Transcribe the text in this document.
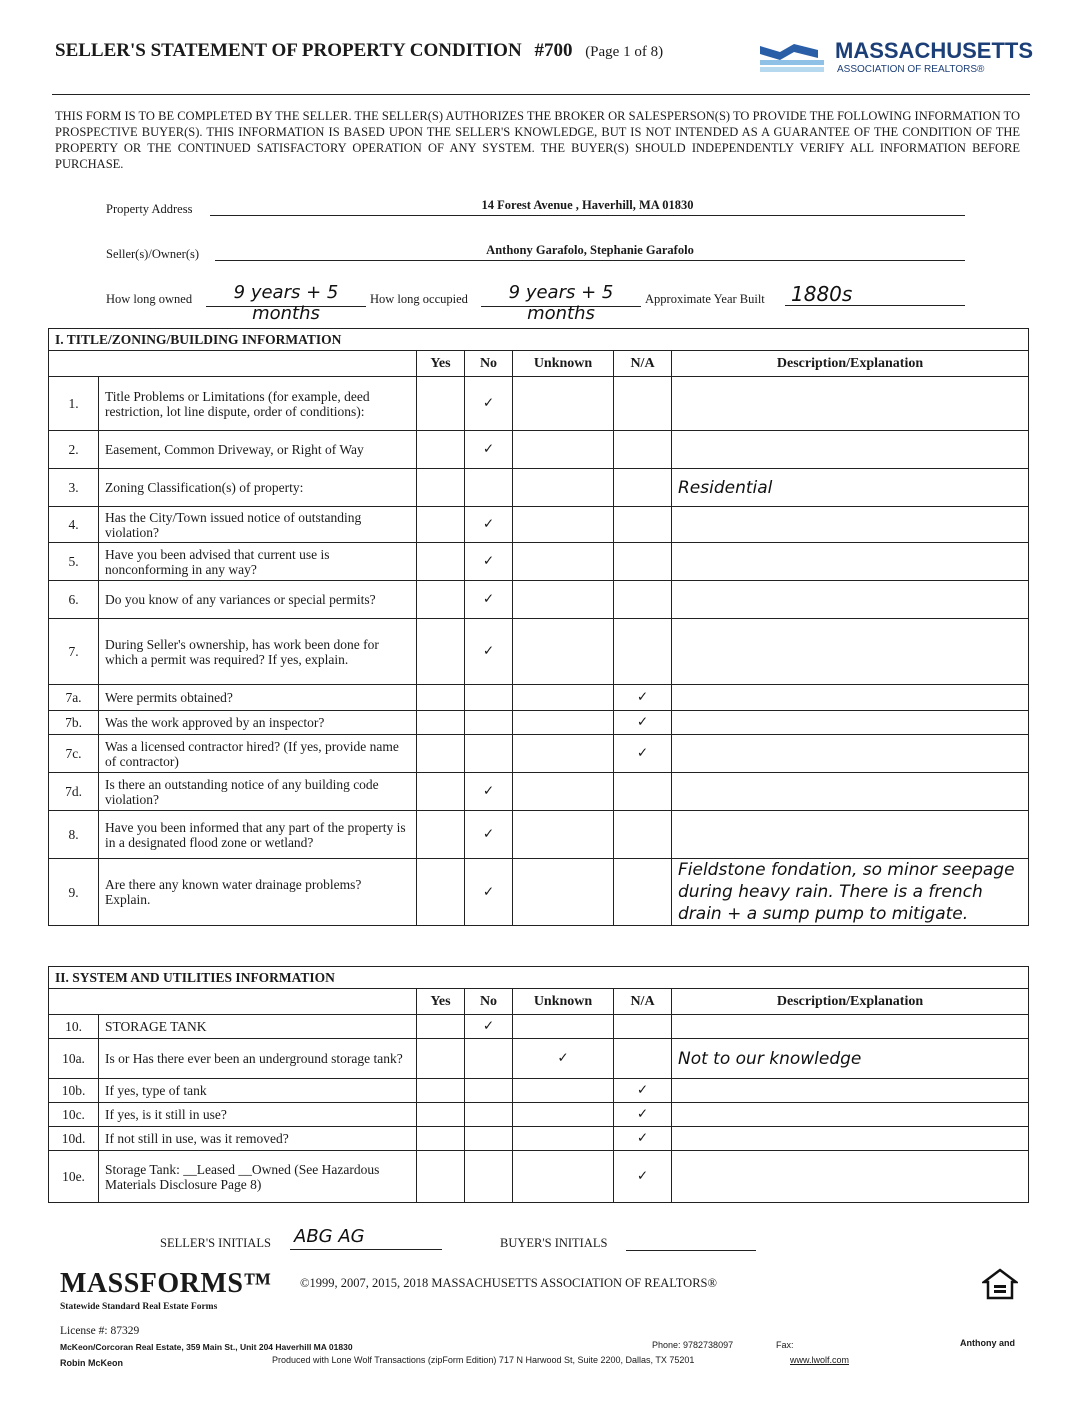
SELLER'S STATEMENT OF PROPERTY CONDITION #700 (Page 1 of 8)	MASSACHUSETTS
ASSOCIATION OF REALTORS®
THIS FORM IS TO BE COMPLETED BY THE SELLER. THE SELLER(S) AUTHORIZES THE BROKER OR SALESPERSON(S) TO PROVIDE THE FOLLOWING INFORMATION TO PROSPECTIVE BUYER(S). THIS INFORMATION IS BASED UPON THE SELLER'S KNOWLEDGE, BUT IS NOT INTENDED AS A GUARANTEE OF THE CONDITION OF THE PROPERTY OR THE CONTINUED SATISFACTORY OPERATION OF ANY SYSTEM. THE BUYER(S) SHOULD INDEPENDENTLY VERIFY ALL INFORMATION BEFORE PURCHASE.
Property Address	14 Forest Avenue , Haverhill, MA 01830
Seller(s)/Owner(s)	Anthony Garafolo, Stephanie Garafolo
How long owned	9 years + 5 months
How long occupied	9 years + 5 months
Approximate Year Built	1880s
I. TITLE/ZONING/BUILDING INFORMATION						
		Yes	No	Unknown	N/A	Description/Explanation
1.	Title Problems or Limitations (for example, deed restriction, lot line dispute, order of conditions):		✓			
2.	Easement, Common Driveway, or Right of Way		✓			
3.	Zoning Classification(s) of property:					Residential
4.	Has the City/Town issued notice of outstanding violation?		✓			
5.	Have you been advised that current use is nonconforming in any way?		✓			
6.	Do you know of any variances or special permits?		✓			
7.	During Seller's ownership, has work been done for which a permit was required? If yes, explain.		✓			
7a.	Were permits obtained?				✓	
7b.	Was the work approved by an inspector?				✓	
7c.	Was a licensed contractor hired? (If yes, provide name of contractor)				✓	
7d.	Is there an outstanding notice of any building code violation?		✓			
8.	Have you been informed that any part of the property is in a designated flood zone or wetland?		✓			
9.	Are there any known water drainage problems? Explain.		✓			Fieldstone fondation, so minor seepage during heavy rain. There is a french drain + a sump pump to mitigate.
II. SYSTEM AND UTILITIES INFORMATION						
		Yes	No	Unknown	N/A	Description/Explanation
10.	STORAGE TANK		✓			
10a.	Is or Has there ever been an underground storage tank?			✓		Not to our knowledge
10b.	If yes, type of tank				✓	
10c.	If yes, is it still in use?				✓	
10d.	If not still in use, was it removed?				✓	
10e.	Storage Tank: __Leased __Owned (See Hazardous Materials Disclosure Page 8)				✓	
SELLER'S INITIALS ABG AG	BUYER'S INITIALS
MASSFORMS™
Statewide Standard Real Estate Forms
©1999, 2007, 2015, 2018 MASSACHUSETTS ASSOCIATION OF REALTORS®
License #: 87329
McKeon/Corcoran Real Estate, 359 Main St., Unit 204 Haverhill MA 01830	Phone: 9782738097	Fax:	Anthony and
Robin McKeon	Produced with Lone Wolf Transactions (zipForm Edition) 717 N Harwood St, Suite 2200, Dallas, TX 75201	www.lwolf.com
